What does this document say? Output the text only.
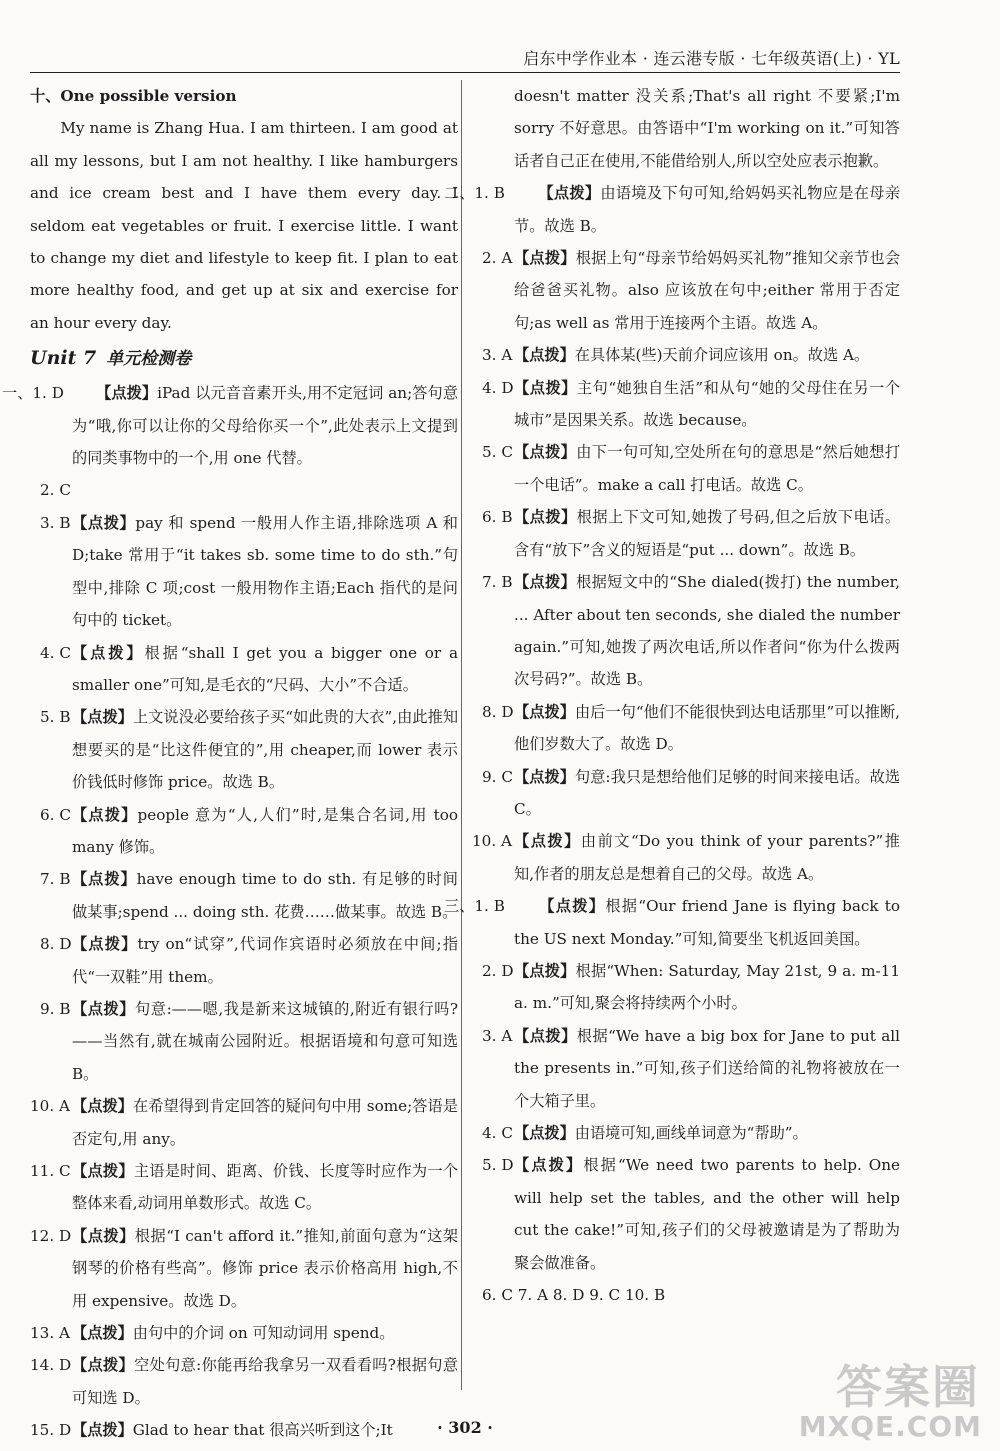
启东中学作业本 · 连云港专版 · 七年级英语(上) · YL
十、One possible version
My name is Zhang Hua. I am thirteen. I am good at all my lessons, but I am not healthy. I like hamburgers and ice cream best and I have them every day. I seldom eat vegetables or fruit. I exercise little. I want to change my diet and lifestyle to keep fit. I plan to eat more healthy food, and get up at six and exercise for an hour every day.
Unit 7 单元检测卷
一、1. D 【点拨】iPad 以元音音素开头,用不定冠词 an;答句意为“哦,你可以让你的父母给你买一个”,此处表示上文提到的同类事物中的一个,用 one 代替。
2. C

3. B 【点拨】pay 和 spend 一般用人作主语,排除选项 A 和 D;take 常用于“it takes sb. some time to do sth.”句型中,排除 C 项;cost 一般用物作主语;Each 指代的是问句中的 ticket。
4. C 【点拨】根据“shall I get you a bigger one or a smaller one”可知,是毛衣的“尺码、大小”不合适。
5. B 【点拨】上文说没必要给孩子买“如此贵的大衣”,由此推知想要买的是“比这件便宜的”,用 cheaper,而 lower 表示价钱低时修饰 price。故选 B。
6. C 【点拨】people 意为“人,人们”时,是集合名词,用 too many 修饰。
7. B 【点拨】have enough time to do sth. 有足够的时间做某事;spend ... doing sth. 花费……做某事。故选 B。
8. D 【点拨】try on“试穿”,代词作宾语时必须放在中间;指代“一双鞋”用 them。
9. B 【点拨】句意:——嗯,我是新来这城镇的,附近有银行吗?——当然有,就在城南公园附近。根据语境和句意可知选 B。
10. A 【点拨】在希望得到肯定回答的疑问句中用 some;答语是否定句,用 any。
11. C 【点拨】主语是时间、距离、价钱、长度等时应作为一个整体来看,动词用单数形式。故选 C。
12. D 【点拨】根据“I can't afford it.”推知,前面句意为“这架钢琴的价格有些高”。修饰 price 表示价格高用 high,不用 expensive。故选 D。
13. A 【点拨】由句中的介词 on 可知动词用 spend。
14. D 【点拨】空处句意:你能再给我拿另一双看看吗?根据句意可知选 D。
15. D 【点拨】Glad to hear that 很高兴听到这个;It
doesn't matter 没关系;That's all right 不要紧;I'm sorry 不好意思。由答语中“I'm working on it.”可知答话者自己正在使用,不能借给别人,所以空处应表示抱歉。
二、1. B 【点拨】由语境及下句可知,给妈妈买礼物应是在母亲节。故选 B。
2. A 【点拨】根据上句“母亲节给妈妈买礼物”推知父亲节也会给爸爸买礼物。also 应该放在句中;either 常用于否定句;as well as 常用于连接两个主语。故选 A。
3. A 【点拨】在具体某(些)天前介词应该用 on。故选 A。
4. D 【点拨】主句“她独自生活”和从句“她的父母住在另一个城市”是因果关系。故选 because。
5. C 【点拨】由下一句可知,空处所在句的意思是“然后她想打一个电话”。make a call 打电话。故选 C。
6. B 【点拨】根据上下文可知,她拨了号码,但之后放下电话。含有“放下”含义的短语是“put ... down”。故选 B。
7. B 【点拨】根据短文中的“She dialed(拨打) the number, ... After about ten seconds, she dialed the number again.”可知,她拨了两次电话,所以作者问“你为什么拨两次号码?”。故选 B。
8. D 【点拨】由后一句“他们不能很快到达电话那里”可以推断,他们岁数大了。故选 D。
9. C 【点拨】句意:我只是想给他们足够的时间来接电话。故选 C。
10. A 【点拨】由前文“Do you think of your parents?”推知,作者的朋友总是想着自己的父母。故选 A。
三、1. B 【点拨】根据“Our friend Jane is flying back to the US next Monday.”可知,简要坐飞机返回美国。
2. D 【点拨】根据“When: Saturday, May 21st, 9 a. m-11 a. m.”可知,聚会将持续两个小时。
3. A 【点拨】根据“We have a big box for Jane to put all the presents in.”可知,孩子们送给简的礼物将被放在一个大箱子里。
4. C 【点拨】由语境可知,画线单词意为“帮助”。
5. D 【点拨】根据“We need two parents to help. One will help set the tables, and the other will help cut the cake!”可知,孩子们的父母被邀请是为了帮助为聚会做准备。
6. C 7. A 8. D 9. C 10. B

· 302 ·
答案圈
MXQE.COM
